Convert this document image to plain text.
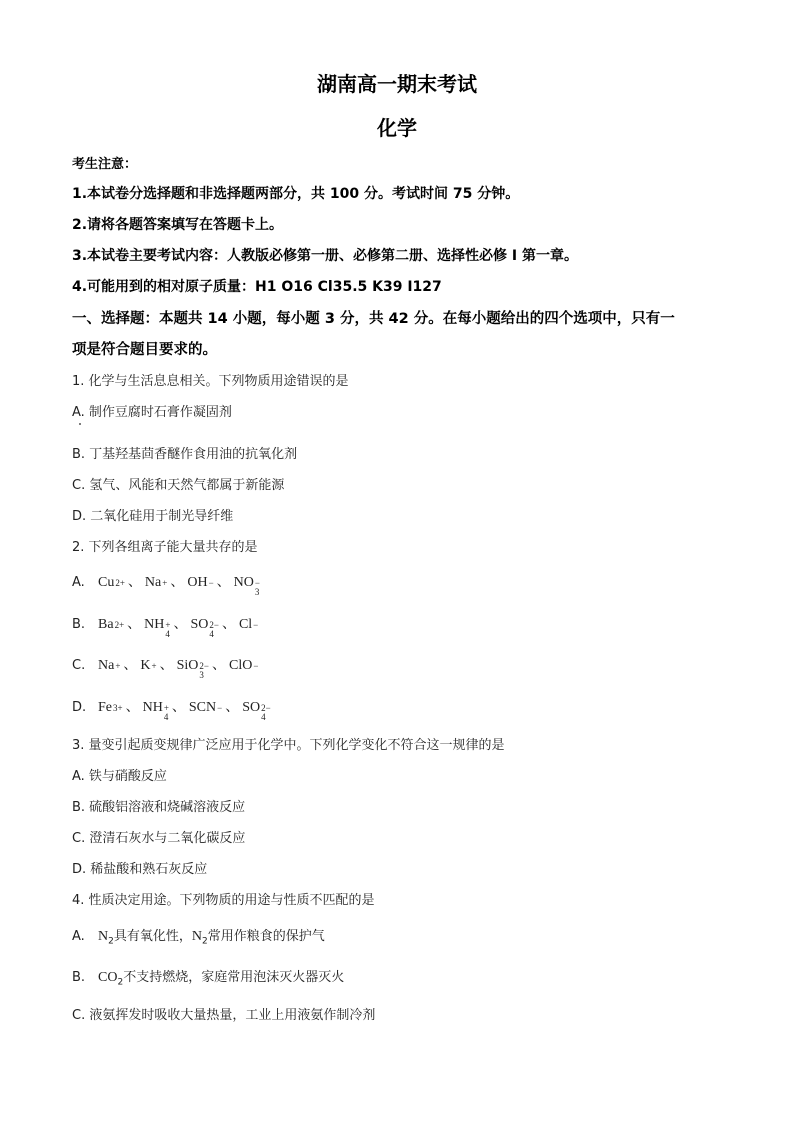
湖南高一期末考试
化学
考生注意：
1.本试卷分选择题和非选择题两部分，共 100 分。考试时间 75 分钟。
2.请将各题答案填写在答题卡上。
3.本试卷主要考试内容：人教版必修第一册、必修第二册、选择性必修 I 第一章。
4.可能用到的相对原子质量：H1 O16 Cl35.5 K39 I127
一、选择题：本题共 14 小题，每小题 3 分，共 42 分。在每小题给出的四个选项中，只有一
项是符合题目要求的。
1. 化学与生活息息相关。下列物质用途错误的是
A. 制作豆腐时石膏作凝固剂
B. 丁基羟基茴香醚作食用油的抗氧化剂
C. 氢气、风能和天然气都属于新能源
D. 二氧化硅用于制光导纤维
2. 下列各组离子能大量共存的是
A. Cu 2+ 、 Na + 、 OH − 、 NO −
3
B. Ba 2+ 、 NH +
4
、 SO 2−
4
、 Cl −
C. Na + 、 K + 、 SiO 2−
3
、 ClO −
D. Fe 3+ 、 NH +
4
、 SCN − 、 SO 2−
4
3. 量变引起质变规律广泛应用于化学中。下列化学变化不符合这一规律的是
A. 铁与硝酸反应
B. 硫酸铝溶液和烧碱溶液反应
C. 澄清石灰水与二氧化碳反应
D. 稀盐酸和熟石灰反应
4. 性质决定用途。下列物质的用途与性质不匹配的是
A. $N_2$具有氧化性，$N_2$常用作粮食的保护气
B. $CO_2$不支持燃烧，家庭常用泡沫灭火器灭火
C. 液氨挥发时吸收大量热量，工业上用液氨作制冷剂
